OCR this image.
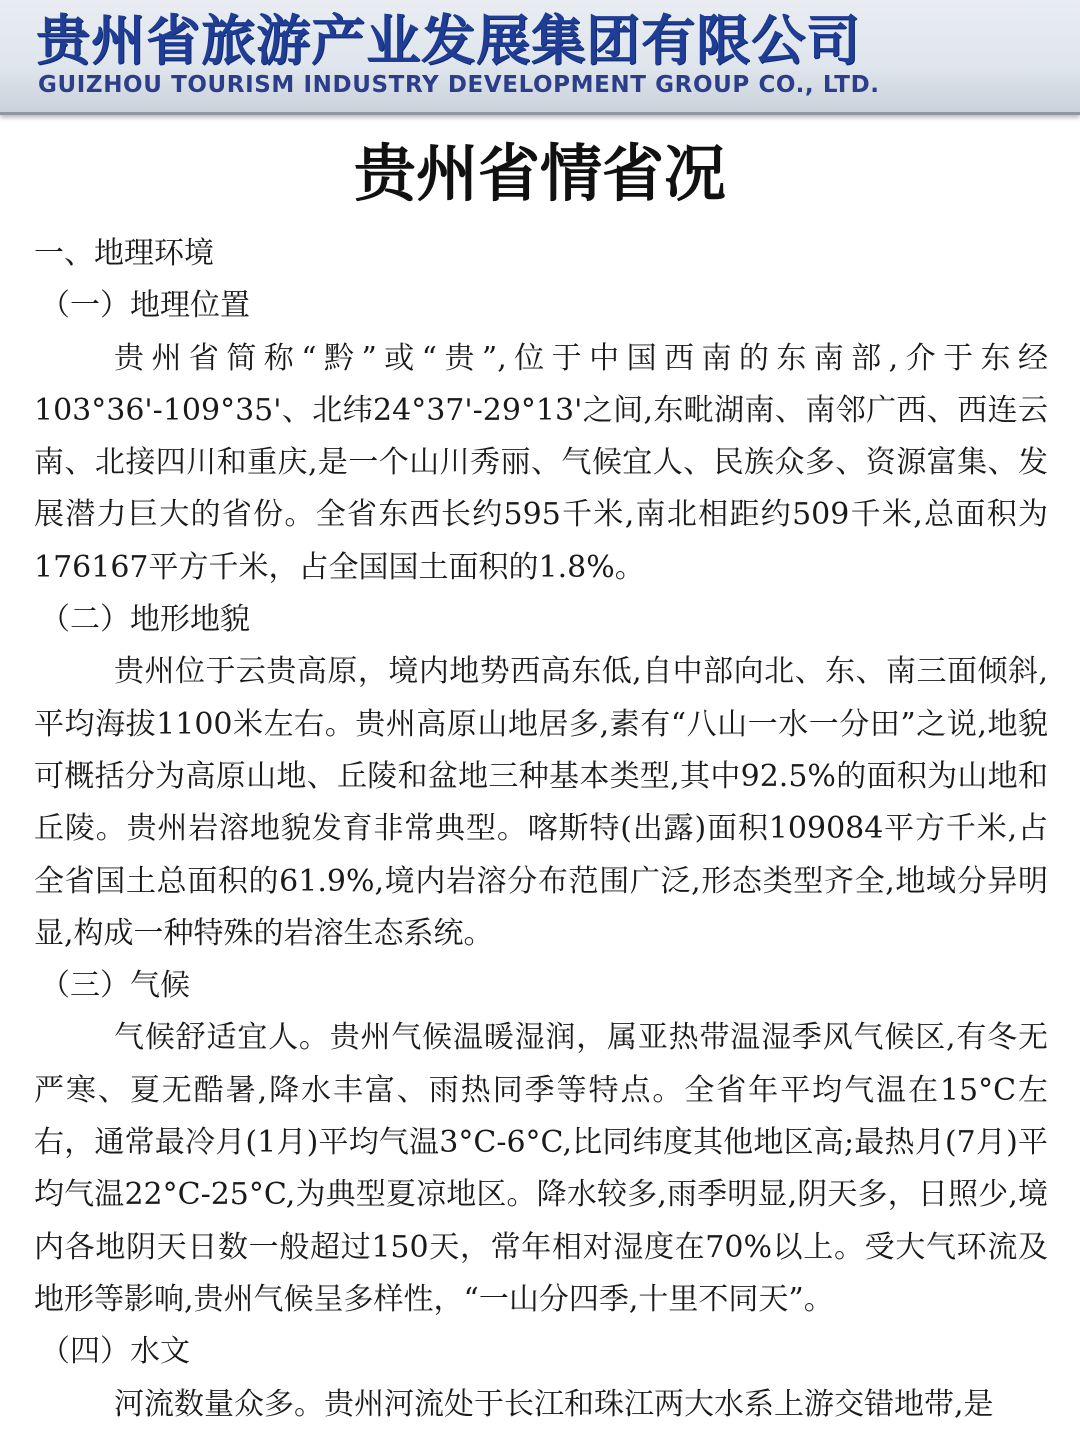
贵州省旅游产业发展集团有限公司
GUIZHOU TOURISM INDUSTRY DEVELOPMENT GROUP CO., LTD.
贵州省情省况

一、地理环境

（一）地理位置

贵州省简称“黔”或“贵”,位于中国西南的东南部,介于东经103°36'-109°35'、北纬24°37'-29°13'之间,东毗湖南、南邻广西、西连云南、北接四川和重庆,是一个山川秀丽、气候宜人、民族众多、资源富集、发展潜力巨大的省份。全省东西长约595千米,南北相距约509千米,总面积为176167平方千米，占全国国土面积的1.8%。

（二）地形地貌

贵州位于云贵高原，境内地势西高东低,自中部向北、东、南三面倾斜,平均海拔1100米左右。贵州高原山地居多,素有“八山一水一分田”之说,地貌可概括分为高原山地、丘陵和盆地三种基本类型,其中92.5%的面积为山地和丘陵。贵州岩溶地貌发育非常典型。喀斯特(出露)面积109084平方千米,占全省国土总面积的61.9%,境内岩溶分布范围广泛,形态类型齐全,地域分异明显,构成一种特殊的岩溶生态系统。

（三）气候

气候舒适宜人。贵州气候温暖湿润，属亚热带温湿季风气候区,有冬无严寒、夏无酷暑,降水丰富、雨热同季等特点。全省年平均气温在15°C左右，通常最冷月(1月)平均气温3°C-6°C,比同纬度其他地区高;最热月(7月)平均气温22°C-25°C,为典型夏凉地区。降水较多,雨季明显,阴天多，日照少,境内各地阴天日数一般超过150天，常年相对湿度在70%以上。受大气环流及地形等影响,贵州气候呈多样性，“一山分四季,十里不同天”。

（四）水文

河流数量众多。贵州河流处于长江和珠江两大水系上游交错地带,是
